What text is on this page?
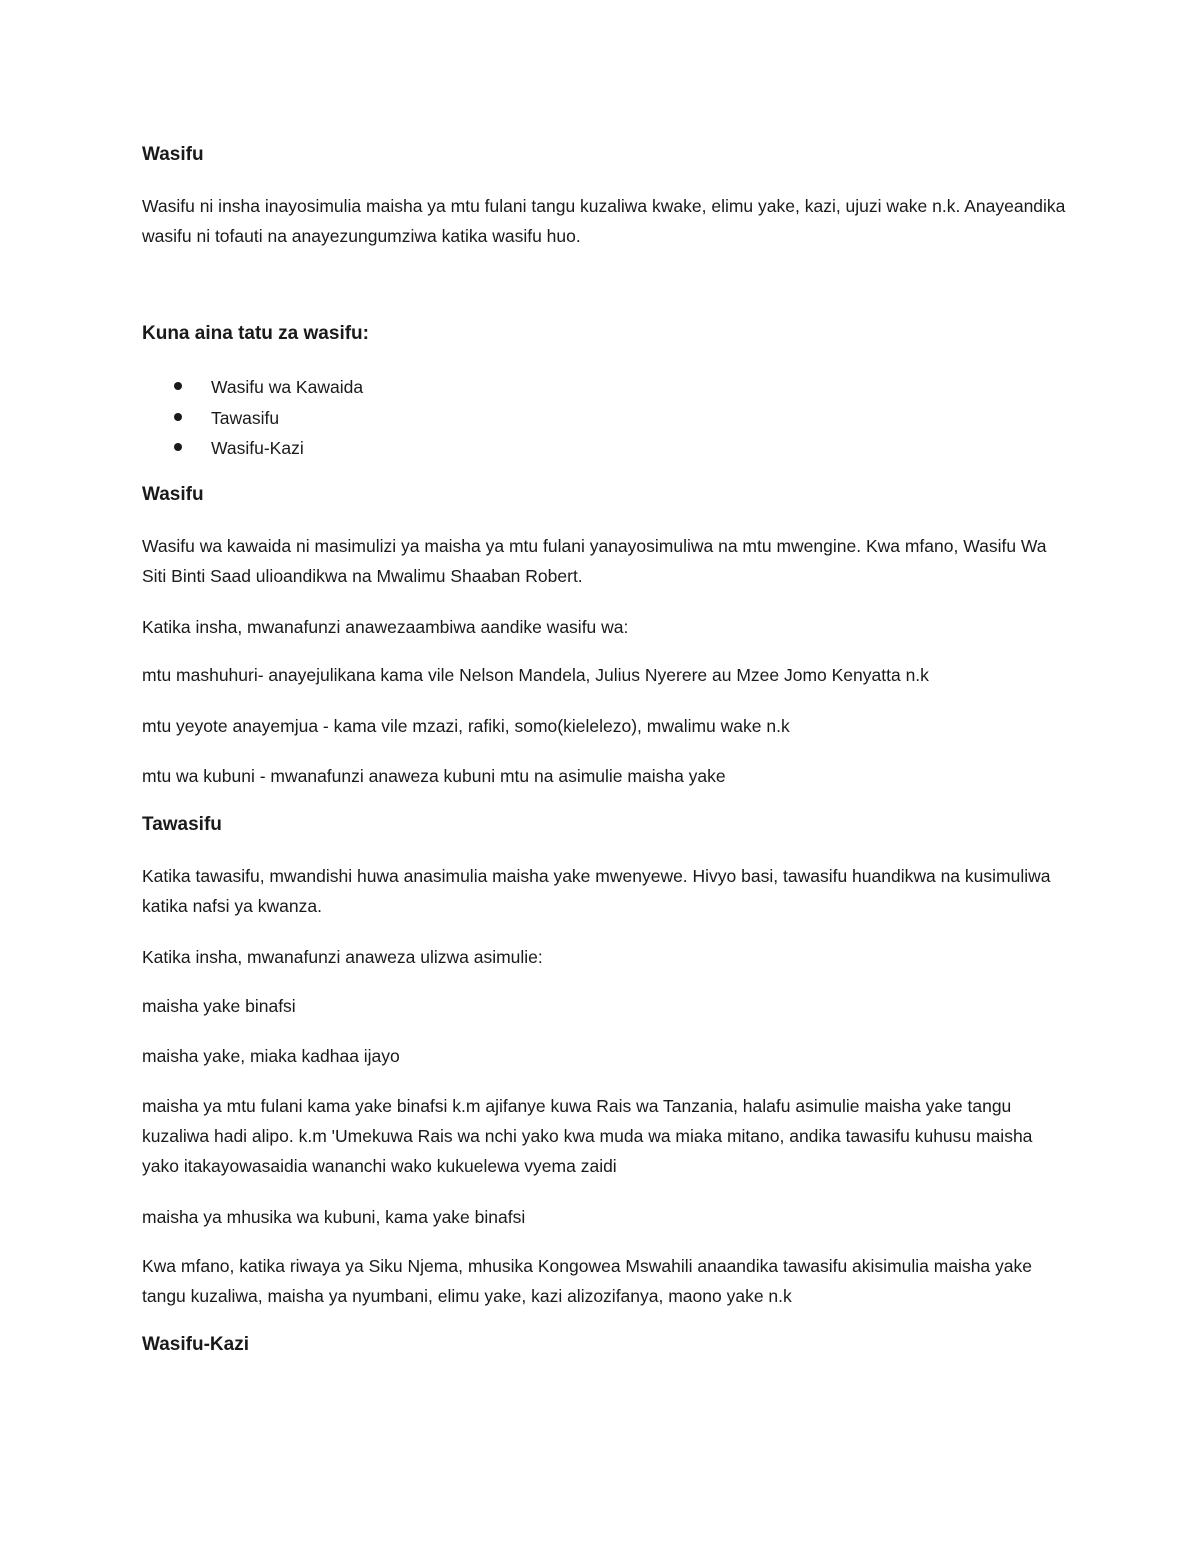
Wasifu

Wasifu ni insha inayosimulia maisha ya mtu fulani tangu kuzaliwa kwake, elimu yake, kazi, ujuzi wake n.k. Anayeandika wasifu ni tofauti na anayezungumziwa katika wasifu huo.

Kuna aina tatu za wasifu:
Wasifu wa Kawaida
Tawasifu
Wasifu-Kazi
Wasifu

Wasifu wa kawaida ni masimulizi ya maisha ya mtu fulani yanayosimuliwa na mtu mwengine. Kwa mfano, Wasifu Wa Siti Binti Saad ulioandikwa na Mwalimu Shaaban Robert.

Katika insha, mwanafunzi anawezaambiwa aandike wasifu wa:

mtu mashuhuri- anayejulikana kama vile Nelson Mandela, Julius Nyerere au Mzee Jomo Kenyatta n.k

mtu yeyote anayemjua - kama vile mzazi, rafiki, somo(kielelezo), mwalimu wake n.k

mtu wa kubuni - mwanafunzi anaweza kubuni mtu na asimulie maisha yake

Tawasifu

Katika tawasifu, mwandishi huwa anasimulia maisha yake mwenyewe. Hivyo basi, tawasifu huandikwa na kusimuliwa katika nafsi ya kwanza.

Katika insha, mwanafunzi anaweza ulizwa asimulie:

maisha yake binafsi

maisha yake, miaka kadhaa ijayo

maisha ya mtu fulani kama yake binafsi k.m ajifanye kuwa Rais wa Tanzania, halafu asimulie maisha yake tangu kuzaliwa hadi alipo. k.m 'Umekuwa Rais wa nchi yako kwa muda wa miaka mitano, andika tawasifu kuhusu maisha yako itakayowasaidia wananchi wako kukuelewa vyema zaidi

maisha ya mhusika wa kubuni, kama yake binafsi

Kwa mfano, katika riwaya ya Siku Njema, mhusika Kongowea Mswahili anaandika tawasifu akisimulia maisha yake tangu kuzaliwa, maisha ya nyumbani, elimu yake, kazi alizozifanya, maono yake n.k

Wasifu-Kazi
